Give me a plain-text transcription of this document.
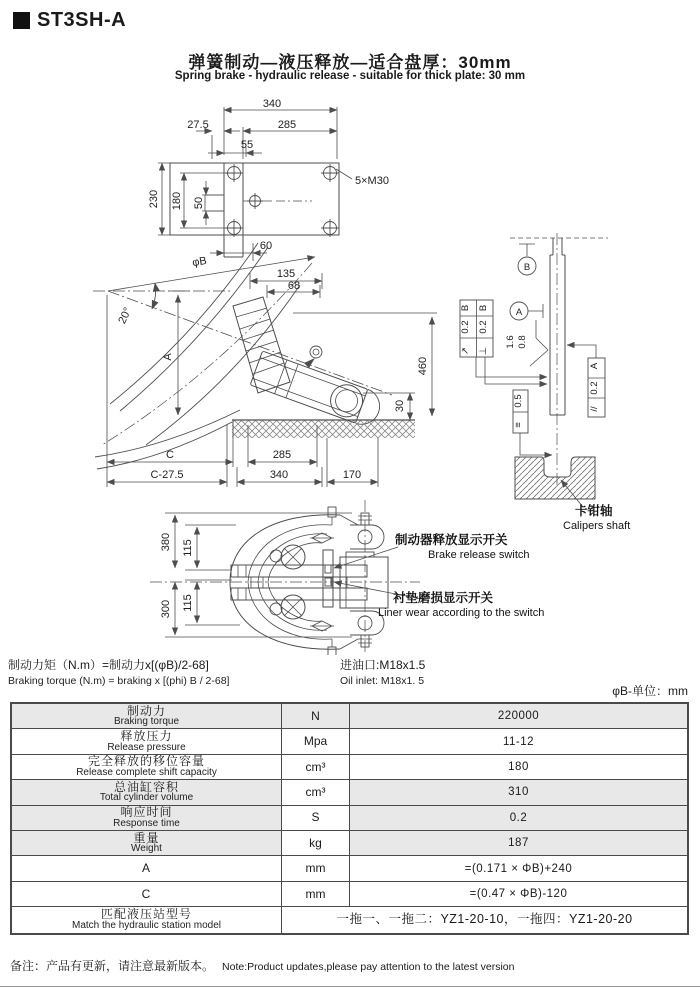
ST3SH-A
弹簧制动—液压释放—适合盘厚：30mm
Spring brake - hydraulic release - suitable for thick plate: 30 mm
340
27.5	285
55
230 180 50
60
5×M30
φB
20°
A	460
30
135
68
C	285
C-27.5	340	170
B
A
↗
0.2
B
⊥
0.2
B
1.6 0.8
//
0.2
A
≡
0.5
卡钳轴
Calipers shaft
380 115
300 115
制动器释放显示开关
Brake release switch
衬垫磨损显示开关
Liner wear according to the switch
制动力矩（N.m）=制动力x[(φB)/2-68]
Braking torque (N.m) = braking x [(phi) B / 2-68]
进油口:M18x1.5
Oil inlet: M18x1. 5
φB-单位：mm
制动力
Braking torque	N	220000
释放压力
Release pressure	Mpa	11-12
完全释放的移位容量
Release complete shift capacity	cm³	180
总油缸容积
Total cylinder volume	cm³	310
响应时间
Response time	S	0.2
重量
Weight	kg	187
A	mm	=(0.171 × ΦB)+240
C	mm	=(0.47 × ΦB)-120
匹配液压站型号
Match the hydraulic station model	一拖一、一拖二：YZ1-20-10，一拖四：YZ1-20-20
备注：产品有更新，请注意最新版本。 Note:Product updates,please pay attention to the latest version
